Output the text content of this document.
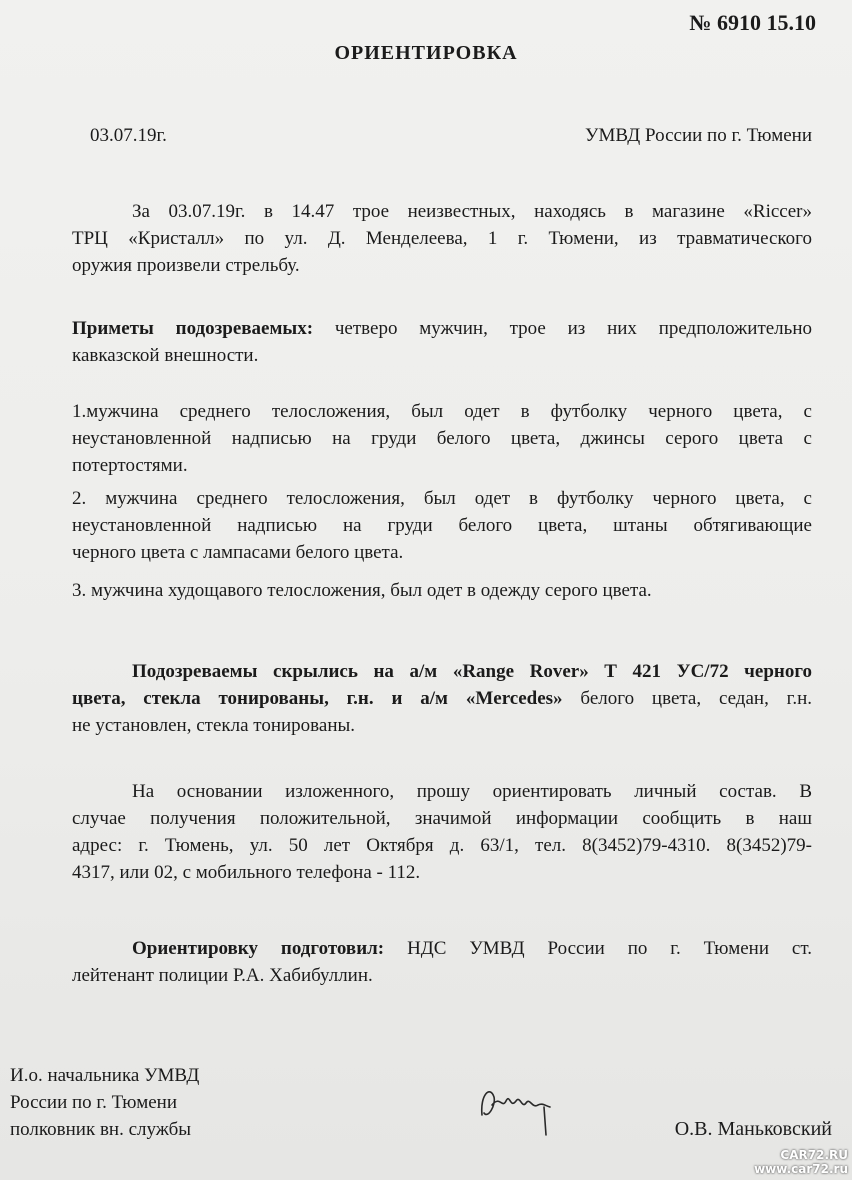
№ 6910 15.10
ОРИЕНТИРОВКА
03.07.19г.	УМВД России по г. Тюмени
За 03.07.19г. в 14.47 трое неизвестных, находясь в магазине «Riccer»
ТРЦ «Кристалл» по ул. Д. Менделеева, 1 г. Тюмени, из травматического
оружия произвели стрельбу.
Приметы подозреваемых: четверо мужчин, трое из них предположительно
кавказской внешности.
1.мужчина среднего телосложения, был одет в футболку черного цвета, с
неустановленной надписью на груди белого цвета, джинсы серого цвета с
потертостями.
2. мужчина среднего телосложения, был одет в футболку черного цвета, с
неустановленной надписью на груди белого цвета, штаны обтягивающие
черного цвета с лампасами белого цвета.
3. мужчина худощавого телосложения, был одет в одежду серого цвета.
Подозреваемы скрылись на а/м «Range Rover» Т 421 УС/72 черного
цвета, стекла тонированы, г.н. и а/м «Mercedes» белого цвета, седан, г.н.
не установлен, стекла тонированы.
На основании изложенного, прошу ориентировать личный состав. В
случае получения положительной, значимой информации сообщить в наш
адрес: г. Тюмень, ул. 50 лет Октября д. 63/1, тел. 8(3452)79-4310. 8(3452)79-
4317, или 02, с мобильного телефона - 112.
Ориентировку подготовил: НДС УМВД России по г. Тюмени ст.
лейтенант полиции Р.А. Хабибуллин.
И.о. начальника УМВД
России по г. Тюмени
полковник вн. службы	О.В. Маньковский
CAR72.RU
www.car72.ru
